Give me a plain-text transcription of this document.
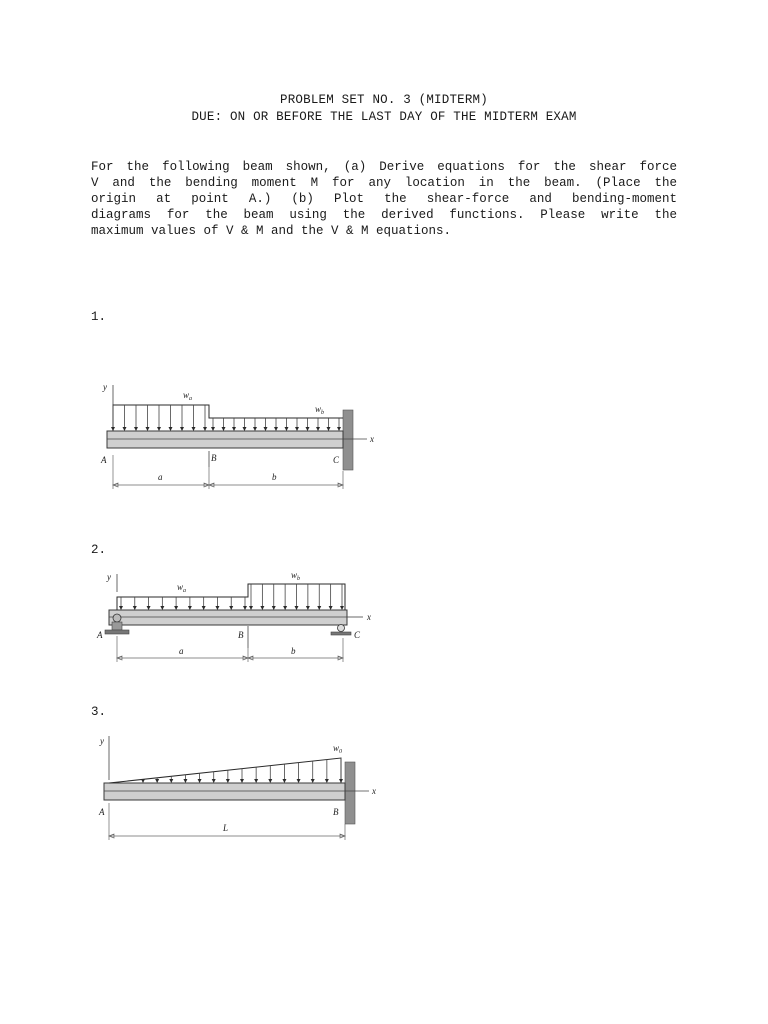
PROBLEM SET NO. 3 (MIDTERM)
DUE: ON OR BEFORE THE LAST DAY OF THE MIDTERM EXAM
For the following beam shown, (a) Derive equations for the shear force
V and the bending moment M for any location in the beam. (Place the
origin at point A.) (b) Plot the shear-force and bending-moment
diagrams for the beam using the derived functions. Please write the
maximum values of V & M and the V & M equations.
1.
y
x
$w_a$
$w_b$
A	B	C
a	b
2.
y
x
$w_a$
$w_b$
A	B	C
a	b
3.
y
x
$w_0$
A	B
L
